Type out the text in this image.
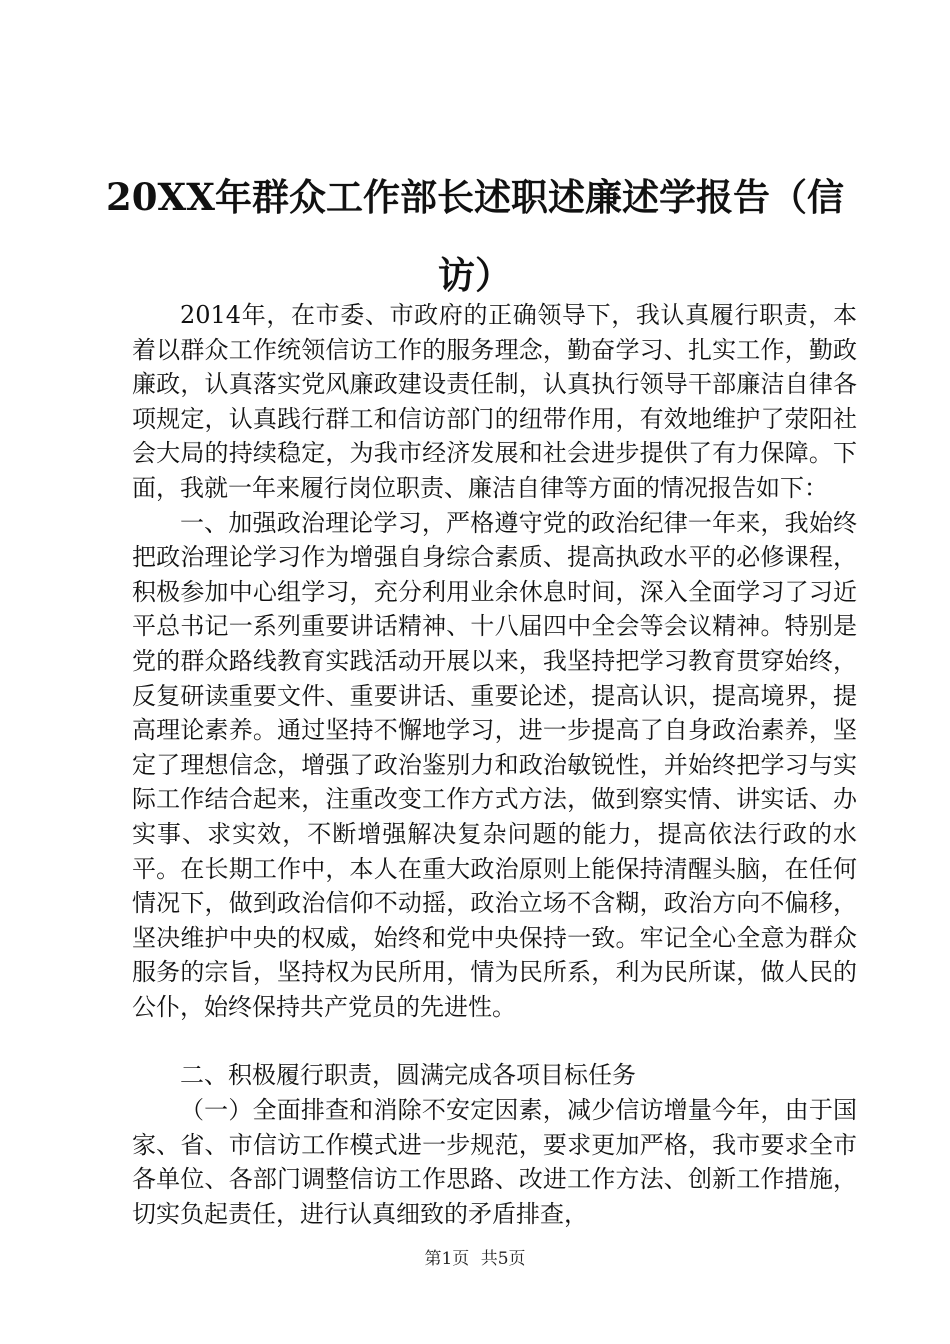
20XX年群众工作部长述职述廉述学报告（信访）

2014年，在市委、市政府的正确领导下，我认真履行职责，本着以群众工作统领信访工作的服务理念，勤奋学习、扎实工作，勤政廉政，认真落实党风廉政建设责任制，认真执行领导干部廉洁自律各项规定，认真践行群工和信访部门的纽带作用，有效地维护了荥阳社会大局的持续稳定，为我市经济发展和社会进步提供了有力保障。下面，我就一年来履行岗位职责、廉洁自律等方面的情况报告如下：

一、加强政治理论学习，严格遵守党的政治纪律一年来，我始终把政治理论学习作为增强自身综合素质、提高执政水平的必修课程，积极参加中心组学习，充分利用业余休息时间，深入全面学习了习近平总书记一系列重要讲话精神、十八届四中全会等会议精神。特别是党的群众路线教育实践活动开展以来，我坚持把学习教育贯穿始终，反复研读重要文件、重要讲话、重要论述，提高认识，提高境界，提高理论素养。通过坚持不懈地学习，进一步提高了自身政治素养，坚定了理想信念，增强了政治鉴别力和政治敏锐性，并始终把学习与实际工作结合起来，注重改变工作方式方法，做到察实情、讲实话、办实事、求实效，不断增强解决复杂问题的能力，提高依法行政的水平。在长期工作中，本人在重大政治原则上能保持清醒头脑，在任何情况下，做到政治信仰不动摇，政治立场不含糊，政治方向不偏移，坚决维护中央的权威，始终和党中央保持一致。牢记全心全意为群众服务的宗旨，坚持权为民所用，情为民所系，利为民所谋，做人民的公仆，始终保持共产党员的先进性。

二、积极履行职责，圆满完成各项目标任务

（一）全面排查和消除不安定因素，减少信访增量今年，由于国家、省、市信访工作模式进一步规范，要求更加严格，我市要求全市各单位、各部门调整信访工作思路、改进工作方法、创新工作措施，切实负起责任，进行认真细致的矛盾排查，

第1页 共5页
